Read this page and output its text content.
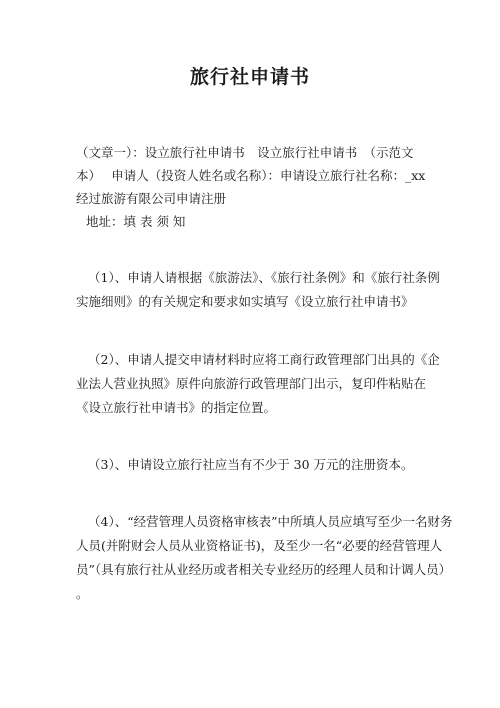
旅行社申请书
（文章一）：设立旅行社申请书　设立旅行社申请书　（示范文
本）　 申请人（投资人姓名或名称）：申请设立旅行社名称：_xx
经过旅游有限公司申请注册
地址：填 表 须 知
（1）、申请人请根据《旅游法》、《旅行社条例》和《旅行社条例
实施细则》的有关规定和要求如实填写《设立旅行社申请书》
（2）、申请人提交申请材料时应将工商行政管理部门出具的《企
业法人营业执照》原件向旅游行政管理部门出示，复印件粘贴在
《设立旅行社申请书》的指定位置。
（3）、申请设立旅行社应当有不少于 30 万元的注册资本。
（4）、“经营管理人员资格审核表”中所填人员应填写至少一名财务
人员(并附财会人员从业资格证书)，及至少一名“必要的经营管理人
员”（具有旅行社从业经历或者相关专业经历的经理人员和计调人员）
。
